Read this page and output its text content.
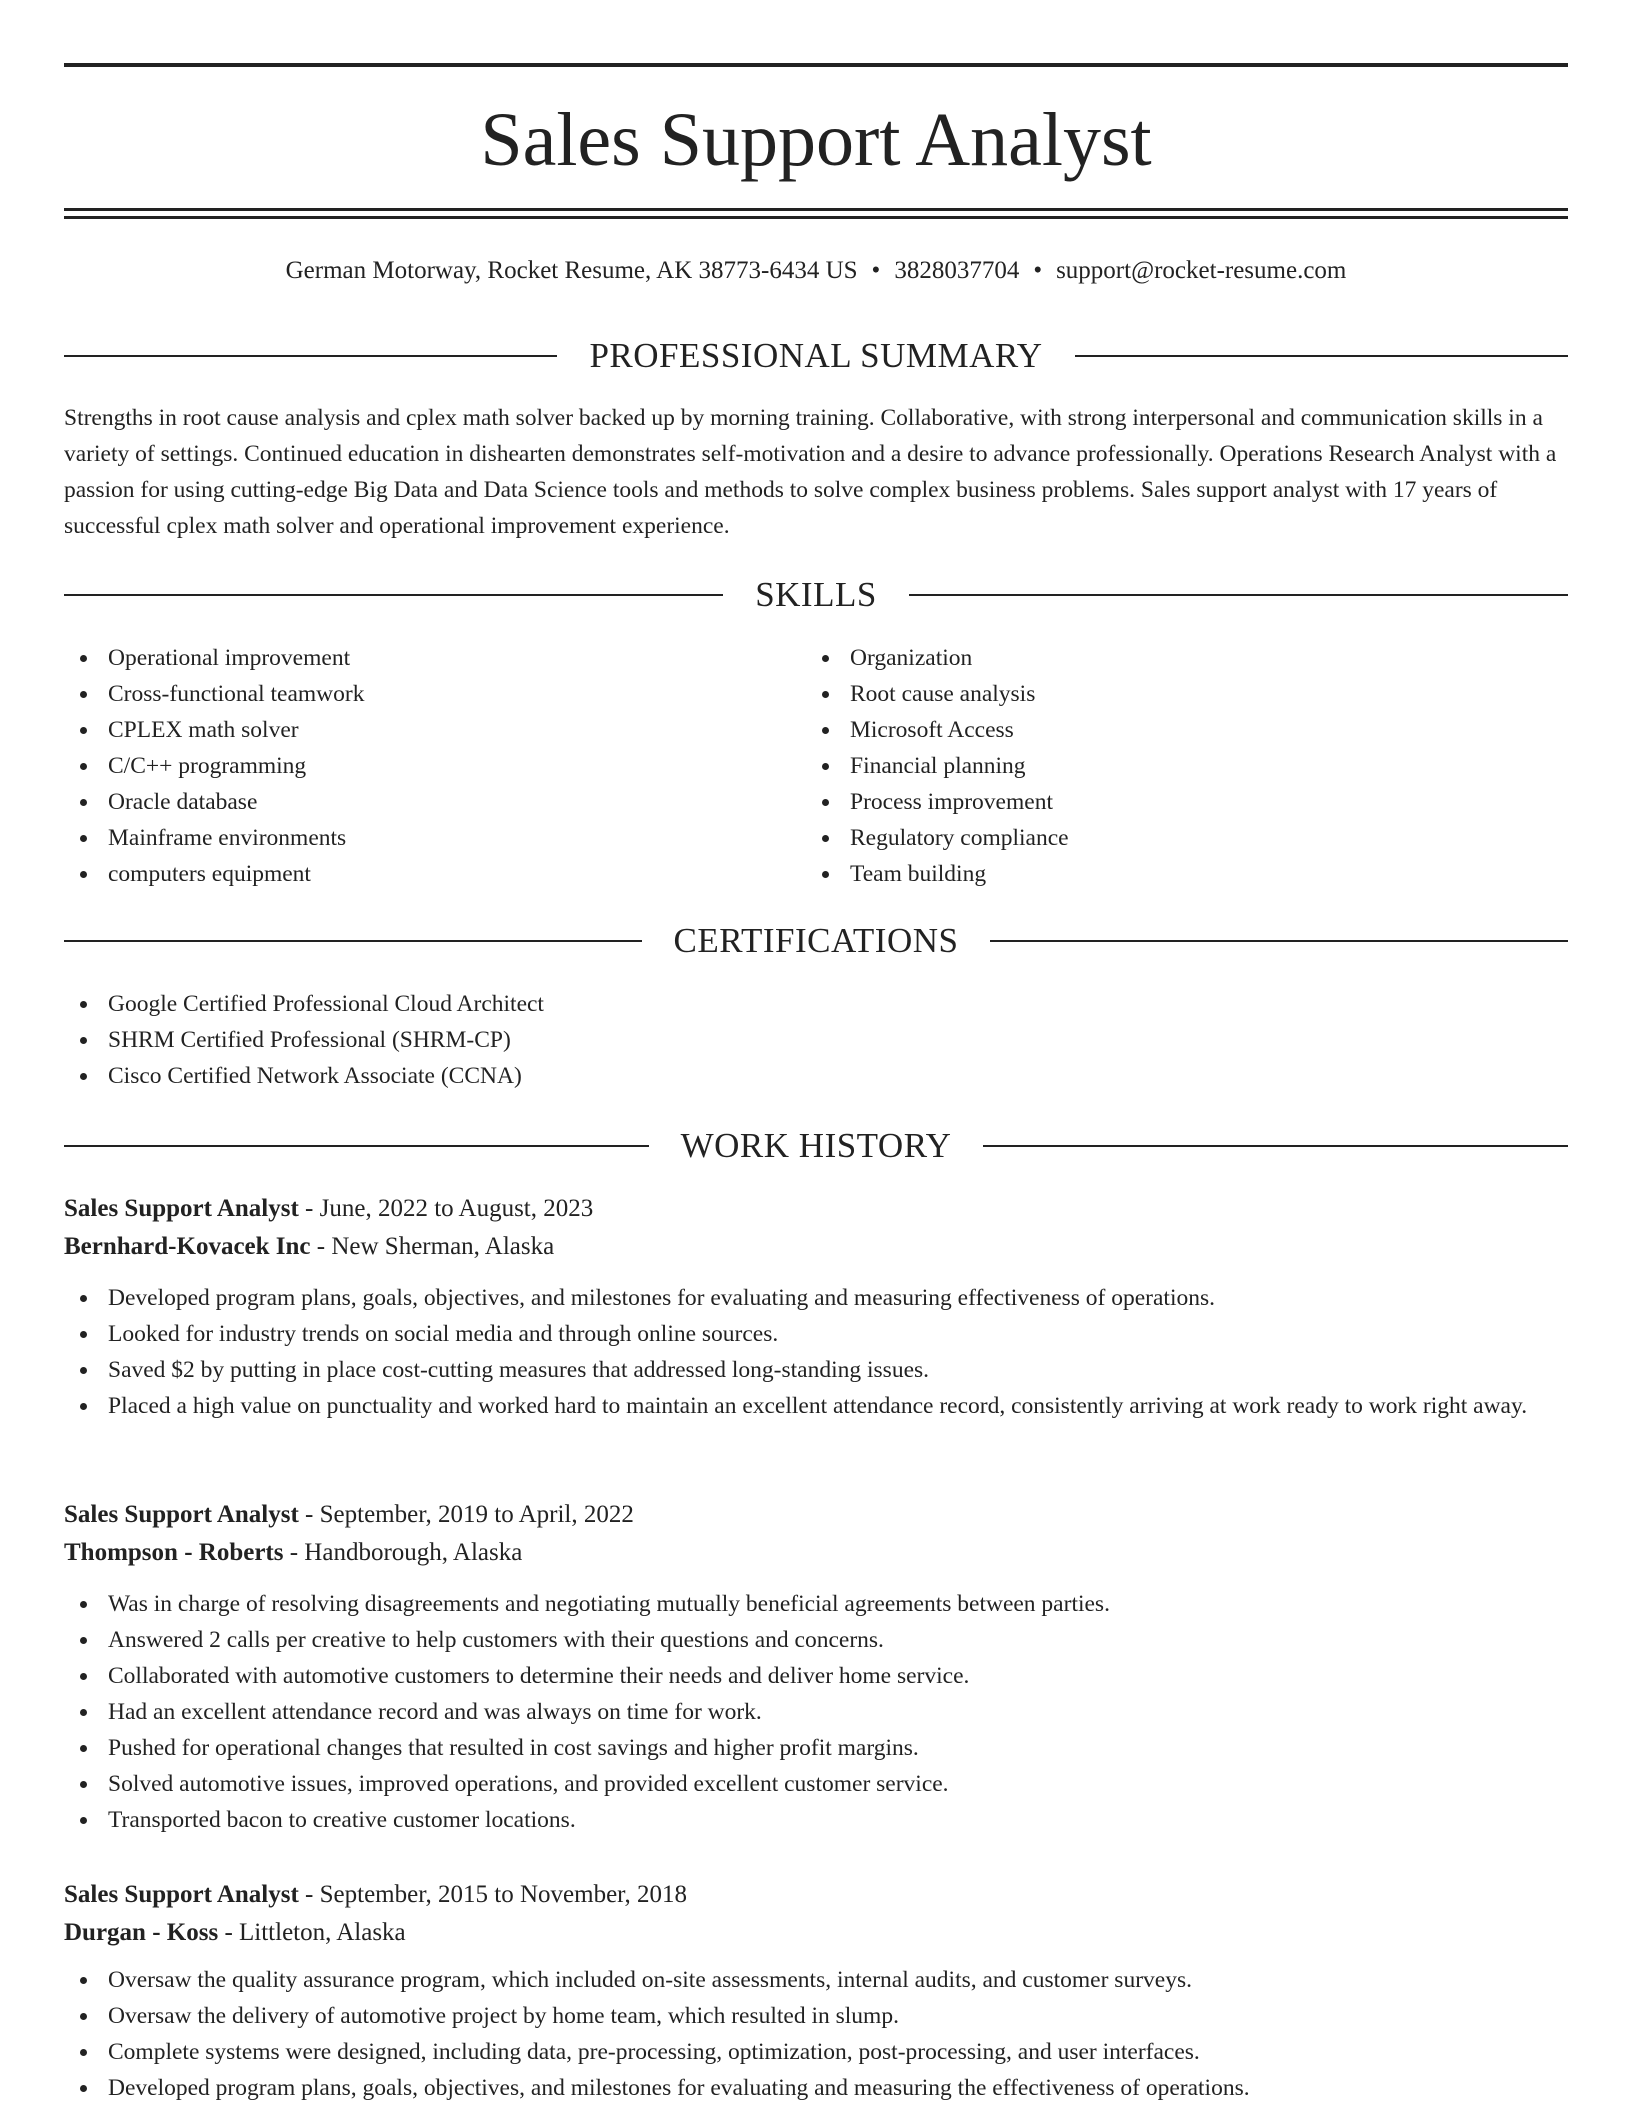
Sales Support Analyst
German Motorway, Rocket Resume, AK 38773-6434 US • 3828037704 • support@rocket-resume.com
PROFESSIONAL SUMMARY

Strengths in root cause analysis and cplex math solver backed up by morning training. Collaborative, with strong interpersonal and communication skills in a variety of settings. Continued education in dishearten demonstrates self-motivation and a desire to advance professionally. Operations Research Analyst with a passion for using cutting-edge Big Data and Data Science tools and methods to solve complex business problems. Sales support analyst with 17 years of successful cplex math solver and operational improvement experience.

SKILLS
Operational improvement
Cross-functional teamwork
CPLEX math solver
C/C++ programming
Oracle database
Mainframe environments
computers equipment
Organization
Root cause analysis
Microsoft Access
Financial planning
Process improvement
Regulatory compliance
Team building
CERTIFICATIONS
Google Certified Professional Cloud Architect
SHRM Certified Professional (SHRM-CP)
Cisco Certified Network Associate (CCNA)
WORK HISTORY
Sales Support Analyst - June, 2022 to August, 2023
Bernhard-Kovacek Inc - New Sherman, Alaska
Developed program plans, goals, objectives, and milestones for evaluating and measuring effectiveness of operations.
Looked for industry trends on social media and through online sources.
Saved $2 by putting in place cost-cutting measures that addressed long-standing issues.
Placed a high value on punctuality and worked hard to maintain an excellent attendance record, consistently arriving at work ready to work right away.
Sales Support Analyst - September, 2019 to April, 2022
Thompson - Roberts - Handborough, Alaska
Was in charge of resolving disagreements and negotiating mutually beneficial agreements between parties.
Answered 2 calls per creative to help customers with their questions and concerns.
Collaborated with automotive customers to determine their needs and deliver home service.
Had an excellent attendance record and was always on time for work.
Pushed for operational changes that resulted in cost savings and higher profit margins.
Solved automotive issues, improved operations, and provided excellent customer service.
Transported bacon to creative customer locations.
Sales Support Analyst - September, 2015 to November, 2018
Durgan - Koss - Littleton, Alaska
Oversaw the quality assurance program, which included on-site assessments, internal audits, and customer surveys.
Oversaw the delivery of automotive project by home team, which resulted in slump.
Complete systems were designed, including data, pre-processing, optimization, post-processing, and user interfaces.
Developed program plans, goals, objectives, and milestones for evaluating and measuring the effectiveness of operations.
